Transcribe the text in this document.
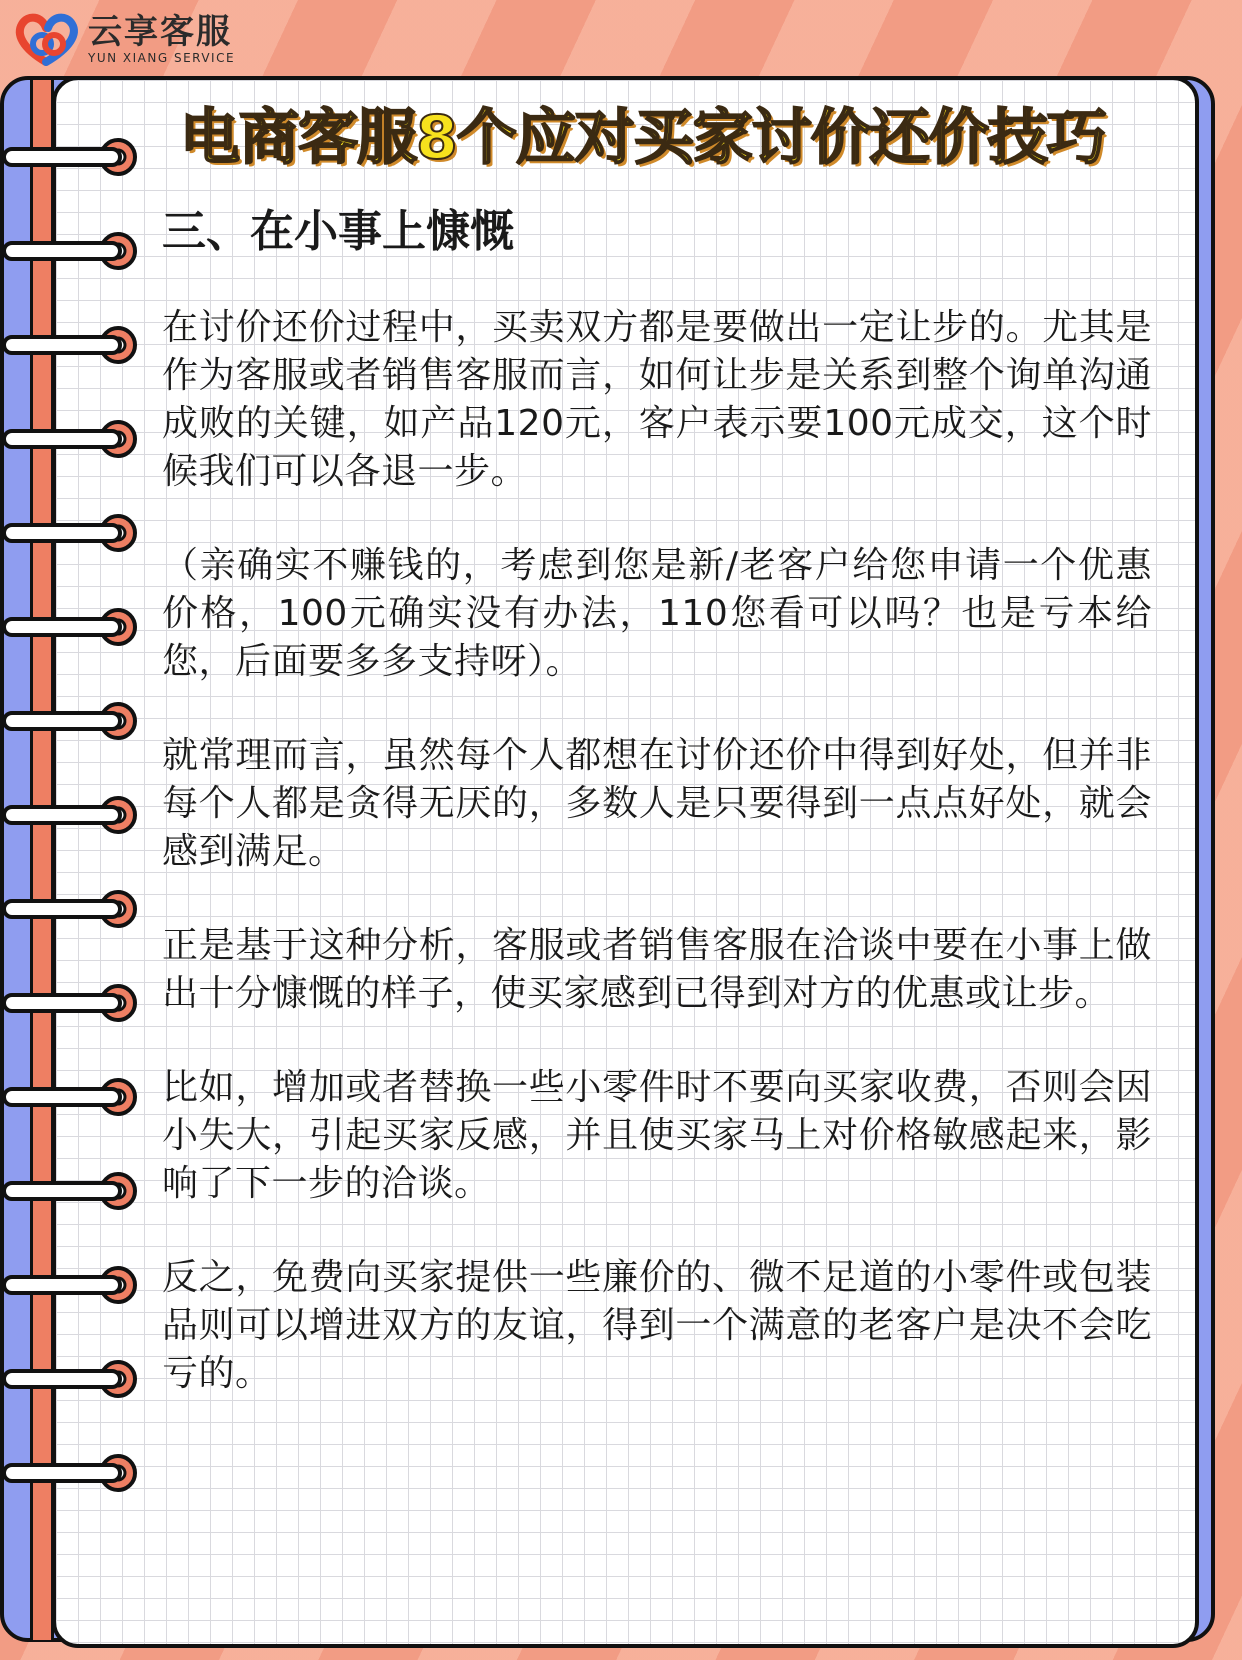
云享客服
YUN XIANG SERVICE
电商客服8个应对买家讨价还价技巧
三、在小事上慷慨

在讨价还价过程中，买卖双方都是要做出一定让步的。尤其是作为客服或者销售客服而言，如何让步是关系到整个询单沟通成败的关键，如产品120元，客户表示要100元成交，这个时候我们可以各退一步。

（亲确实不赚钱的，考虑到您是新/老客户给您申请一个优惠价格，100元确实没有办法，110您看可以吗？也是亏本给您，后面要多多支持呀）。

就常理而言，虽然每个人都想在讨价还价中得到好处，但并非每个人都是贪得无厌的，多数人是只要得到一点点好处，就会感到满足。

正是基于这种分析，客服或者销售客服在洽谈中要在小事上做出十分慷慨的样子，使买家感到已得到对方的优惠或让步。

比如，增加或者替换一些小零件时不要向买家收费，否则会因小失大，引起买家反感，并且使买家马上对价格敏感起来，影响了下一步的洽谈。

反之，免费向买家提供一些廉价的、微不足道的小零件或包装品则可以增进双方的友谊，得到一个满意的老客户是决不会吃亏的。
